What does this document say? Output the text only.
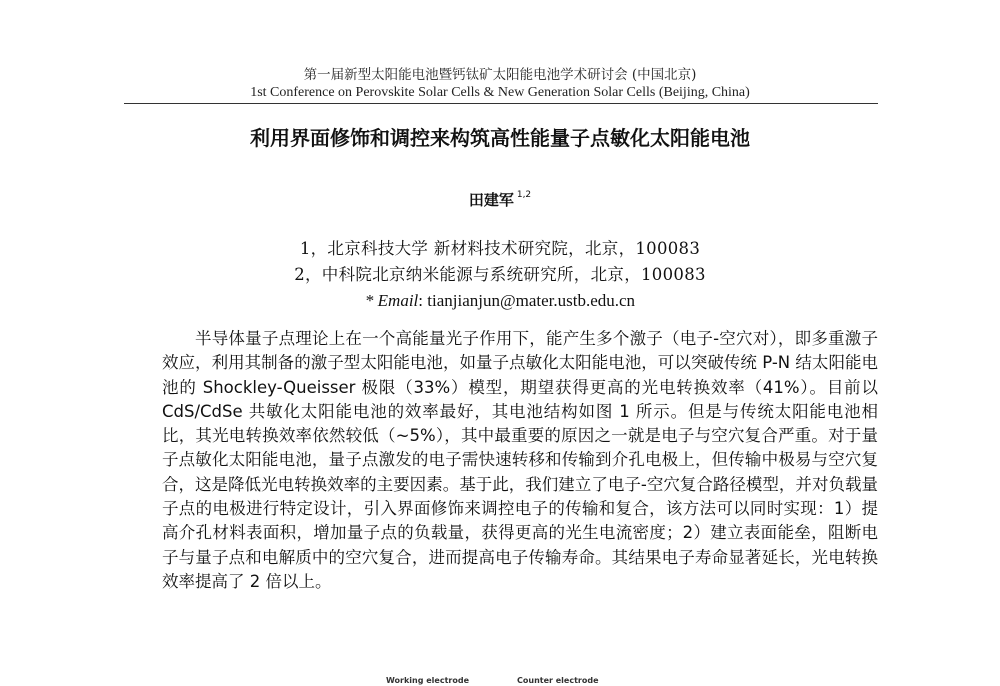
第一届新型太阳能电池暨钙钛矿太阳能电池学术研讨会 (中国北京)
1st Conference on Perovskite Solar Cells & New Generation Solar Cells (Beijing, China)
利用界面修饰和调控来构筑高性能量子点敏化太阳能电池
田建军 $^{1,2}$
1，北京科技大学 新材料技术研究院，北京，100083
2，中科院北京纳米能源与系统研究所，北京，100083
* Email: tianjianjun@mater.ustb.edu.cn
半导体量子点理论上在一个高能量光子作用下，能产生多个激子（电子-空穴对），即多重激子效应，利用其制备的激子型太阳能电池，如量子点敏化太阳能电池，可以突破传统 P-N 结太阳能电池的 Shockley-Queisser 极限（33%）模型，期望获得更高的光电转换效率（41%）。目前以 CdS/CdSe 共敏化太阳能电池的效率最好，其电池结构如图 1 所示。但是与传统太阳能电池相比，其光电转换效率依然较低（~5%），其中最重要的原因之一就是电子与空穴复合严重。对于量子点敏化太阳能电池，量子点激发的电子需快速转移和传输到介孔电极上，但传输中极易与空穴复合，这是降低光电转换效率的主要因素。基于此，我们建立了电子-空穴复合路径模型，并对负载量子点的电极进行特定设计，引入界面修饰来调控电子的传输和复合，该方法可以同时实现：1）提高介孔材料表面积，增加量子点的负载量，获得更高的光生电流密度；2）建立表面能垒，阻断电子与量子点和电解质中的空穴复合，进而提高电子传输寿命。其结果电子寿命显著延长，光电转换效率提高了 2 倍以上。
Working electrode	Counter electrode
